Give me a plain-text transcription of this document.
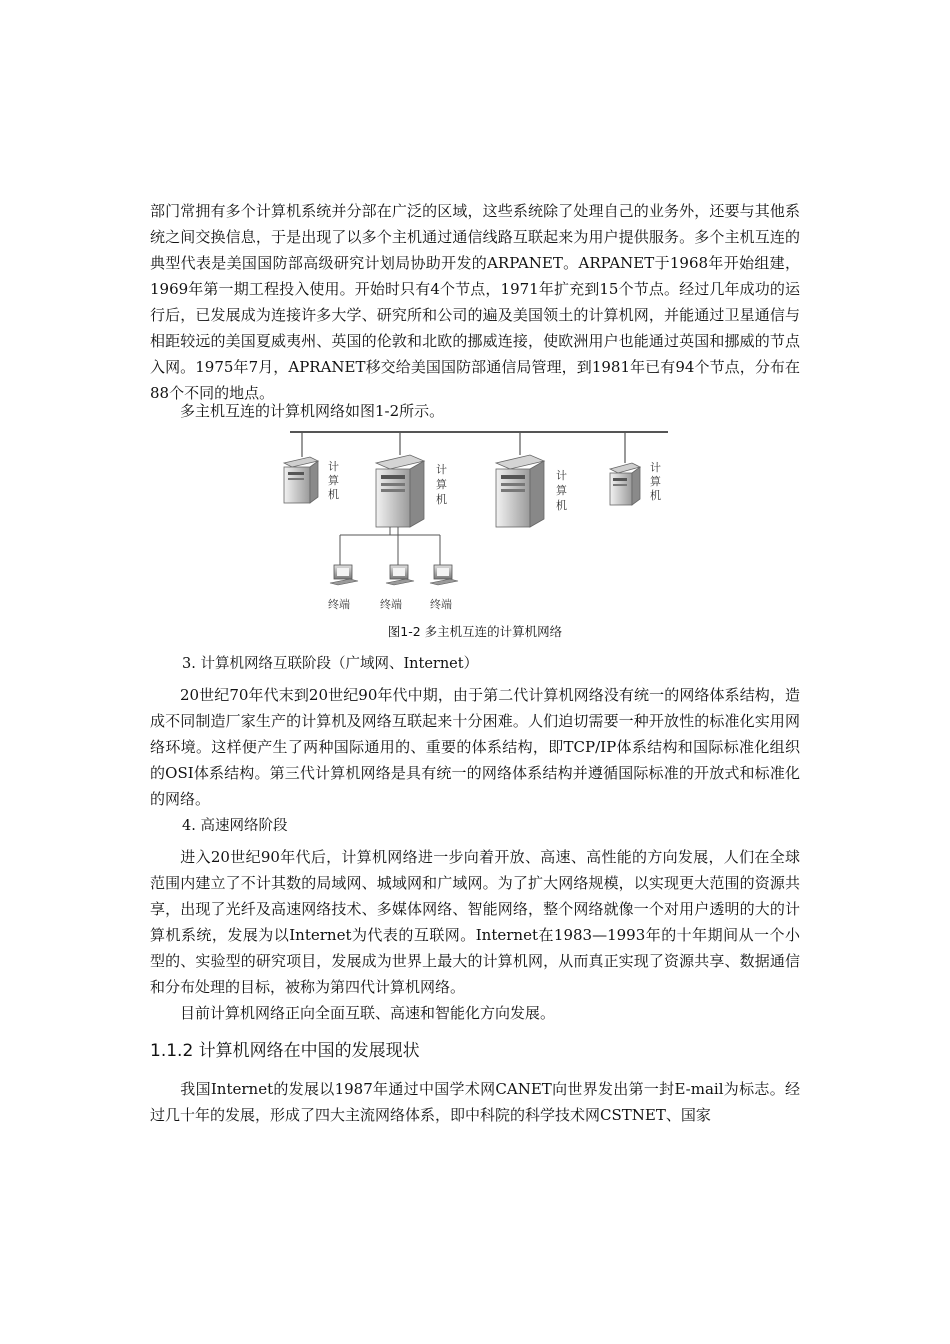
部门常拥有多个计算机系统并分部在广泛的区域，这些系统除了处理自己的业务外，还要与其他系统之间交换信息，于是出现了以多个主机通过通信线路互联起来为用户提供服务。多个主机互连的典型代表是美国国防部高级研究计划局协助开发的ARPANET。ARPANET于1968年开始组建，1969年第一期工程投入使用。开始时只有4个节点，1971年扩充到15个节点。经过几年成功的运行后，已发展成为连接许多大学、研究所和公司的遍及美国领土的计算机网，并能通过卫星通信与相距较远的美国夏威夷州、英国的伦敦和北欧的挪威连接，使欧洲用户也能通过英国和挪威的节点入网。1975年7月，APRANET移交给美国国防部通信局管理，到1981年已有94个节点，分布在88个不同的地点。

多主机互连的计算机网络如图1-2所示。

计
算
机
计
算
机
计
算
机
计
算
机
终端	终端	终端
图1-2 多主机互连的计算机网络

3. 计算机网络互联阶段（广域网、Internet）

20世纪70年代末到20世纪90年代中期，由于第二代计算机网络没有统一的网络体系结构，造成不同制造厂家生产的计算机及网络互联起来十分困难。人们迫切需要一种开放性的标准化实用网络环境。这样便产生了两种国际通用的、重要的体系结构，即TCP/IP体系结构和国际标准化组织的OSI体系结构。第三代计算机网络是具有统一的网络体系结构并遵循国际标准的开放式和标准化的网络。

4. 高速网络阶段

进入20世纪90年代后，计算机网络进一步向着开放、高速、高性能的方向发展，人们在全球范围内建立了不计其数的局域网、城域网和广域网。为了扩大网络规模，以实现更大范围的资源共享，出现了光纤及高速网络技术、多媒体网络、智能网络，整个网络就像一个对用户透明的大的计算机系统，发展为以Internet为代表的互联网。Internet在1983—1993年的十年期间从一个小型的、实验型的研究项目，发展成为世界上最大的计算机网，从而真正实现了资源共享、数据通信和分布处理的目标，被称为第四代计算机网络。

目前计算机网络正向全面互联、高速和智能化方向发展。

1.1.2 计算机网络在中国的发展现状

我国Internet的发展以1987年通过中国学术网CANET向世界发出第一封E-mail为标志。经过几十年的发展，形成了四大主流网络体系，即中科院的科学技术网CSTNET、国家
